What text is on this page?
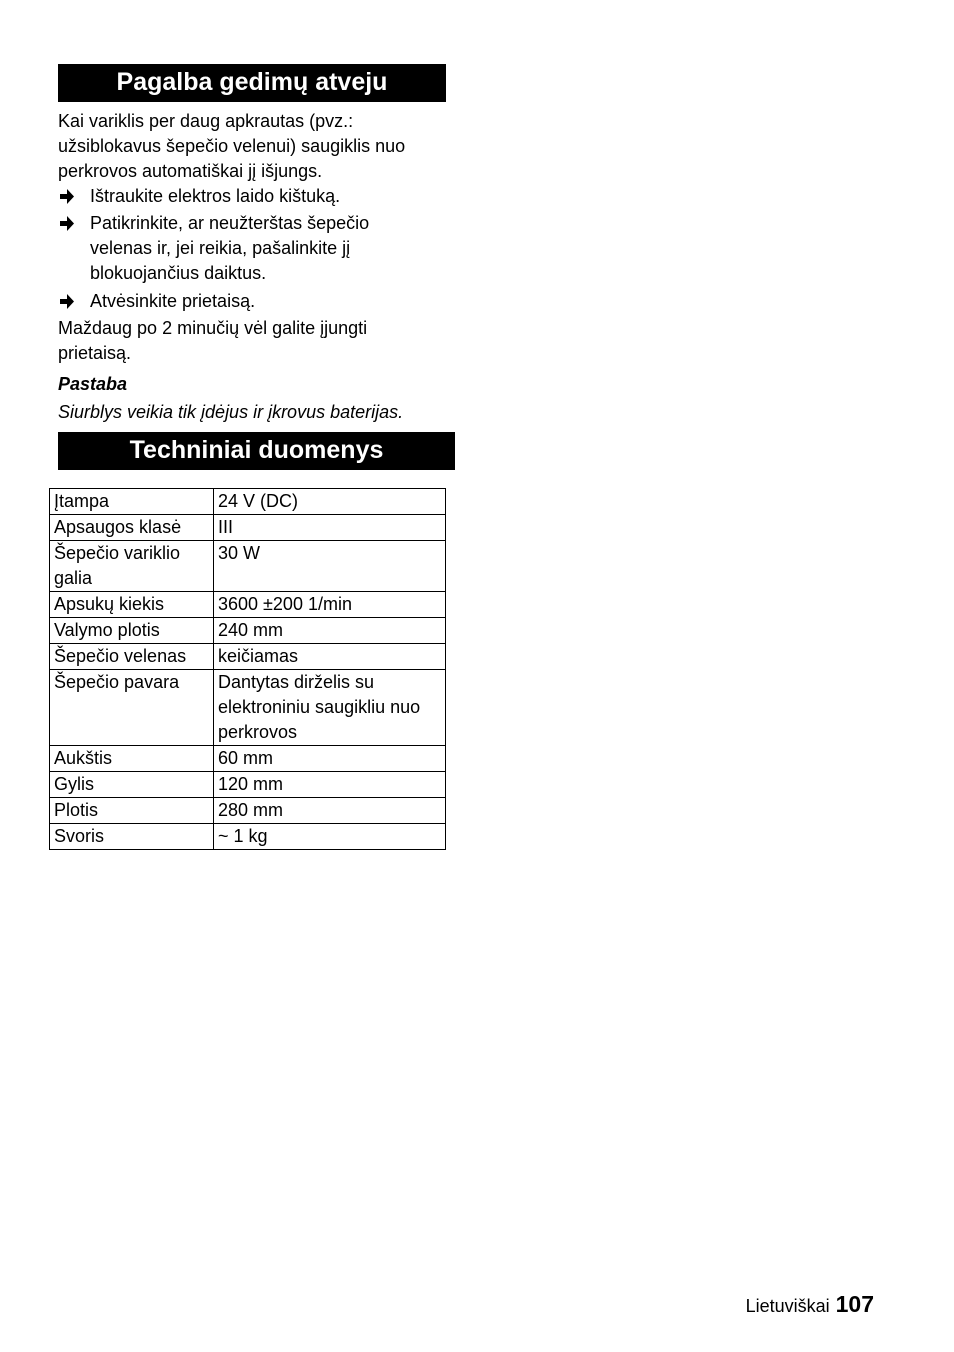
Pagalba gedimų atveju

Kai variklis per daug apkrautas (pvz.: užsiblokavus šepečio velenui) saugiklis nuo perkrovos automatiškai jį išjungs.

Ištraukite elektros laido kištuką.
Patikrinkite, ar neužterštas šepečio velenas ir, jei reikia, pašalinkite jį blokuojančius daiktus.
Atvėsinkite prietaisą.

Maždaug po 2 minučių vėl galite įjungti prietaisą.

Pastaba

Siurblys veikia tik įdėjus ir įkrovus baterijas.

Techniniai duomenys
Įtampa	24 V (DC)
Apsaugos klasė	III
Šepečio variklio galia	30 W
Apsukų kiekis	3600 ±200 1/min
Valymo plotis	240 mm
Šepečio velenas	keičiamas
Šepečio pavara	Dantytas dirželis su elektroniniu saugikliu nuo perkrovos
Aukštis	60 mm
Gylis	120 mm
Plotis	280 mm
Svoris	~ 1 kg
Lietuviškai 107
